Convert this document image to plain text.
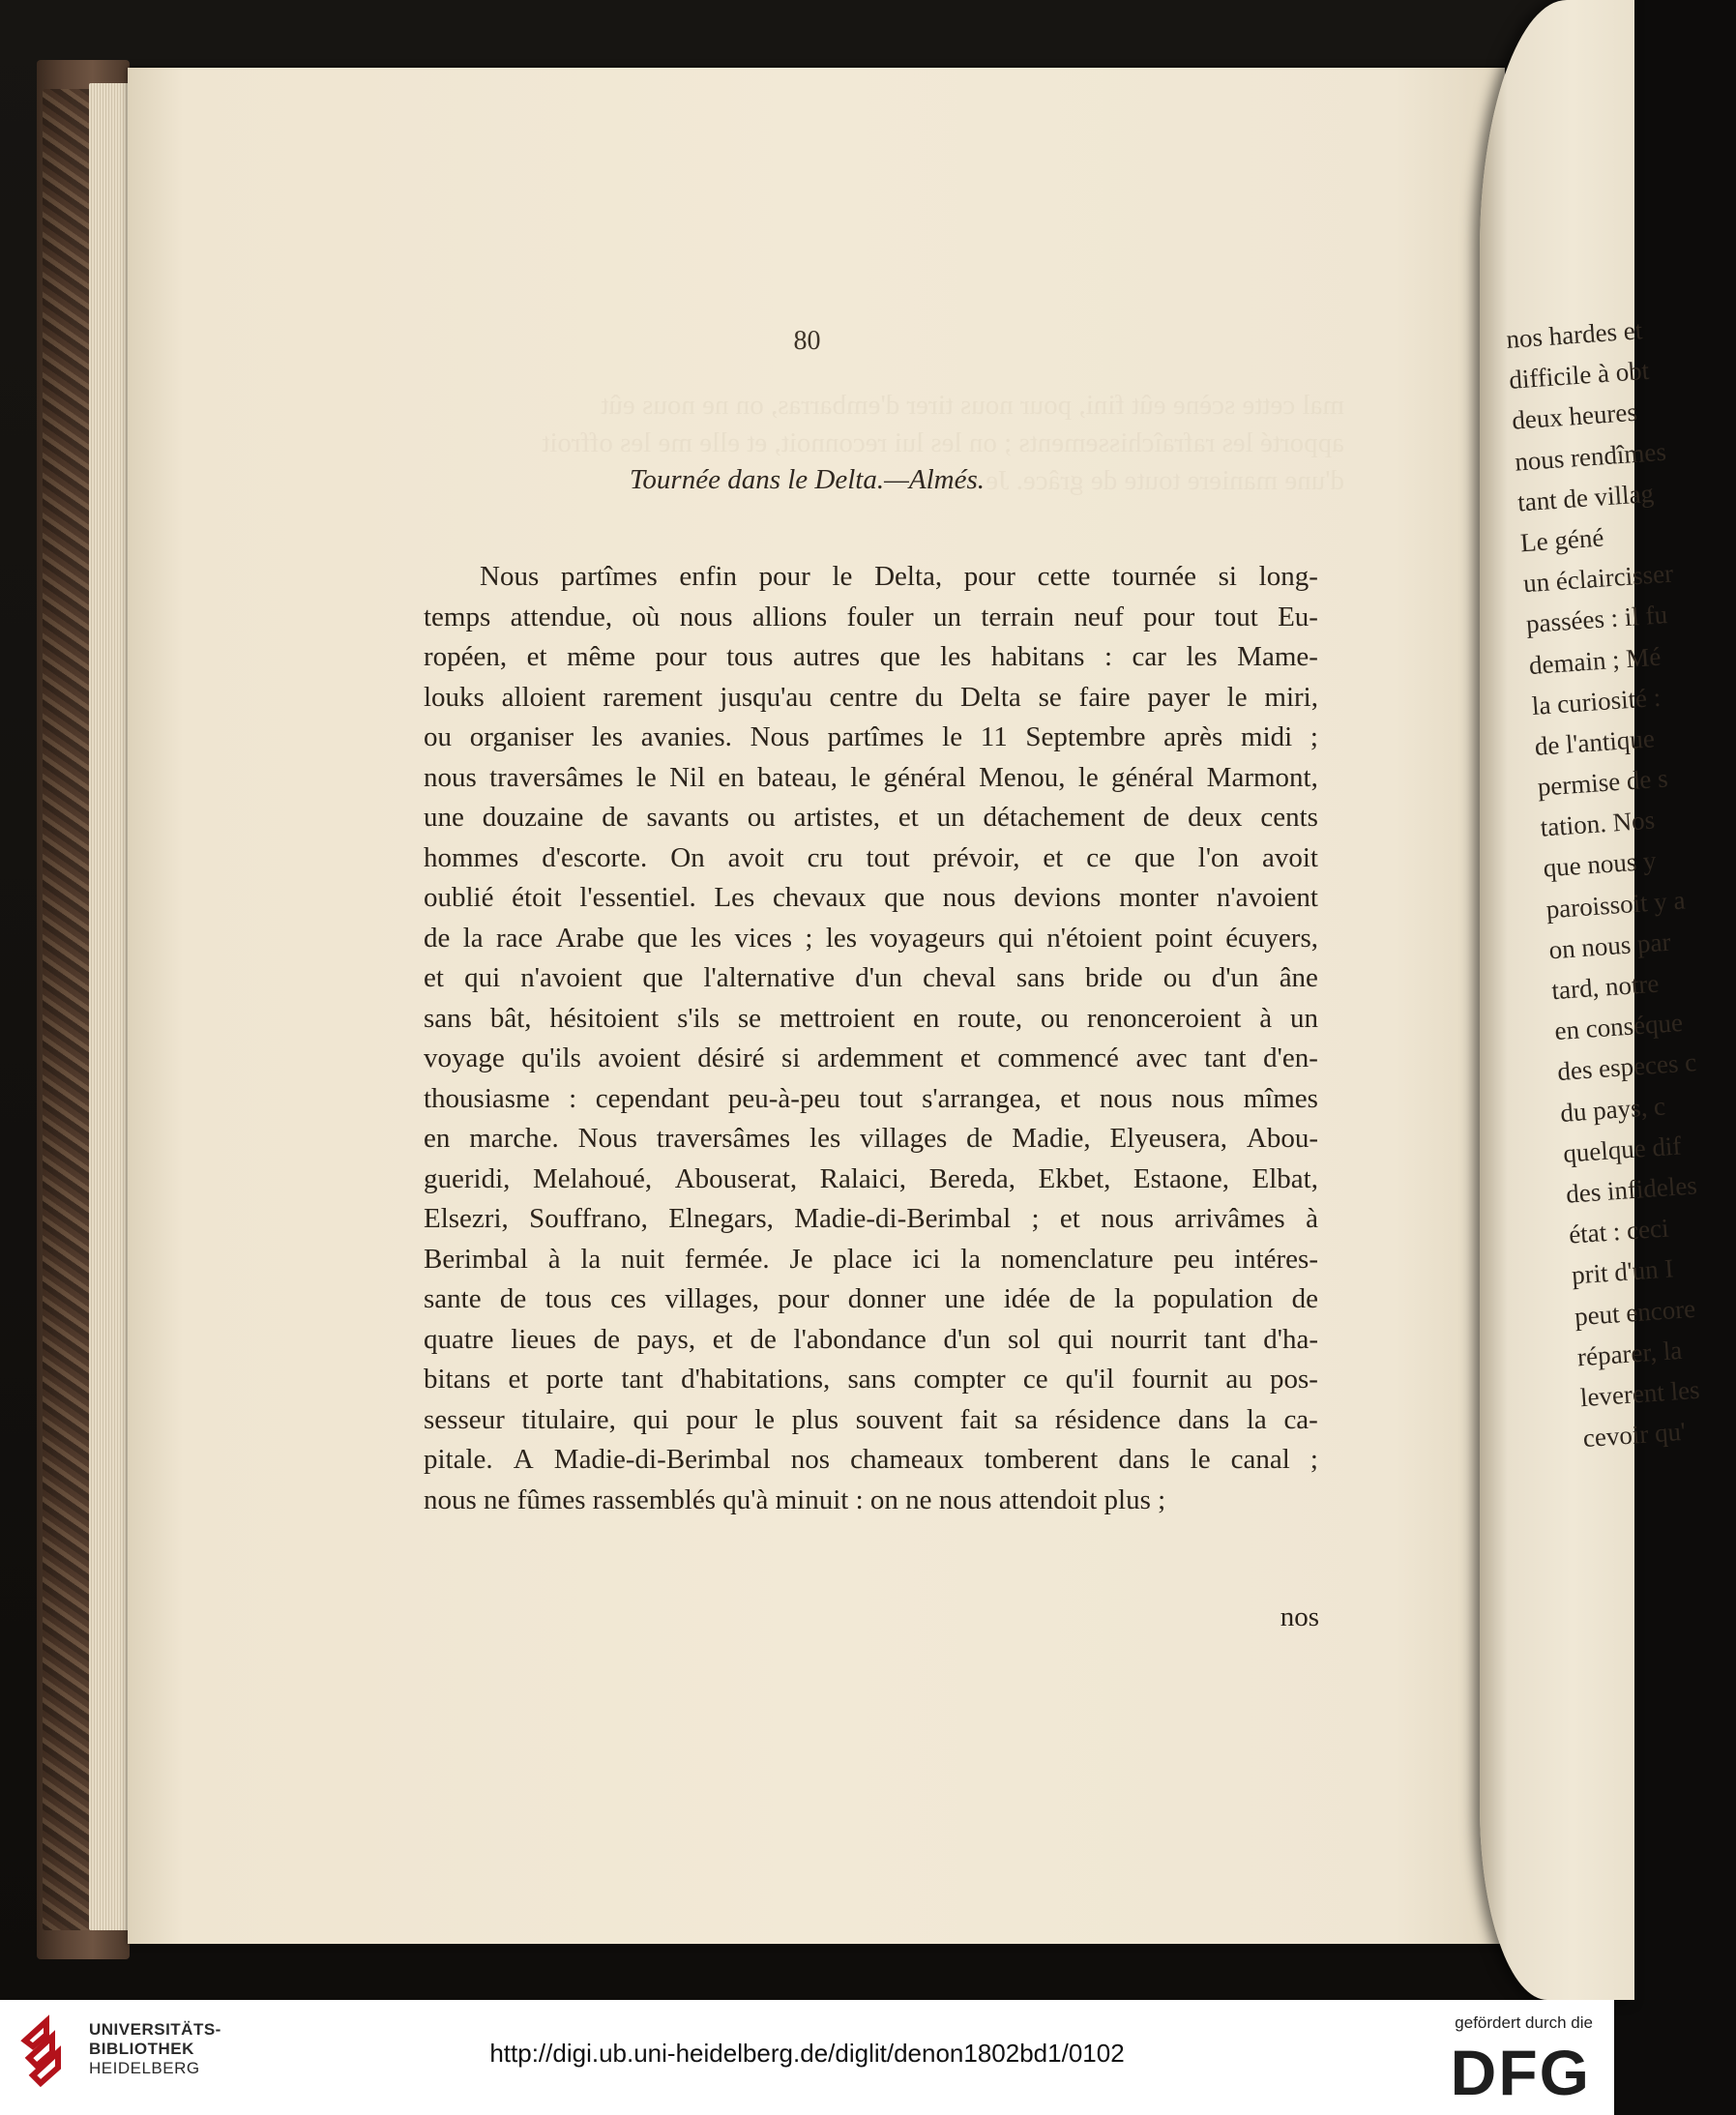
mal cette scène eût fini, pour nous tirer d'embarras, on ne nous eût
apporté les rafraîchissements ; on les lui reconnoit, et elle me les offroit
d'une maniere toute de grâce. Je crois
80
Tournée dans le Delta.—Almés.
Nous partîmes enfin pour le Delta, pour cette tournée si long-
temps attendue, où nous allions fouler un terrain neuf pour tout Eu-
ropéen, et même pour tous autres que les habitans : car les Mame-
louks alloient rarement jusqu'au centre du Delta se faire payer le miri,
ou organiser les avanies. Nous partîmes le 11 Septembre après midi ;
nous traversâmes le Nil en bateau, le général Menou, le général Marmont,
une douzaine de savants ou artistes, et un détachement de deux cents
hommes d'escorte. On avoit cru tout prévoir, et ce que l'on avoit
oublié étoit l'essentiel. Les chevaux que nous devions monter n'avoient
de la race Arabe que les vices ; les voyageurs qui n'étoient point écuyers,
et qui n'avoient que l'alternative d'un cheval sans bride ou d'un âne
sans bât, hésitoient s'ils se mettroient en route, ou renonceroient à un
voyage qu'ils avoient désiré si ardemment et commencé avec tant d'en-
thousiasme : cependant peu-à-peu tout s'arrangea, et nous nous mîmes
en marche. Nous traversâmes les villages de Madie, Elyeusera, Abou-
gueridi, Melahoué, Abouserat, Ralaici, Bereda, Ekbet, Estaone, Elbat,
Elsezri, Souffrano, Elnegars, Madie-di-Berimbal ; et nous arrivâmes à
Berimbal à la nuit fermée. Je place ici la nomenclature peu intéres-
sante de tous ces villages, pour donner une idée de la population de
quatre lieues de pays, et de l'abondance d'un sol qui nourrit tant d'ha-
bitans et porte tant d'habitations, sans compter ce qu'il fournit au pos-
sesseur titulaire, qui pour le plus souvent fait sa résidence dans la ca-
pitale. A Madie-di-Berimbal nos chameaux tomberent dans le canal ;
nous ne fûmes rassemblés qu'à minuit : on ne nous attendoit plus ;
nos
nos hardes et
difficile à obt
deux heures
nous rendîmes
tant de villag
Le géné
un éclaircisser
passées : il fu
demain ; Mé
la curiosité :
de l'antique
permise de s
tation. Nos
que nous y
paroissoit y a
on nous par
tard, notre
en conséque
des especes c
du pays, c
quelque dif
des infideles
état : ceci
prit d'un I
peut encore
réparer, la
leverent les
cevoir qu'
UNIVERSITÄTS-
BIBLIOTHEK
HEIDELBERG
http://digi.ub.uni-heidelberg.de/diglit/denon1802bd1/0102
gefördert durch die
DFG
